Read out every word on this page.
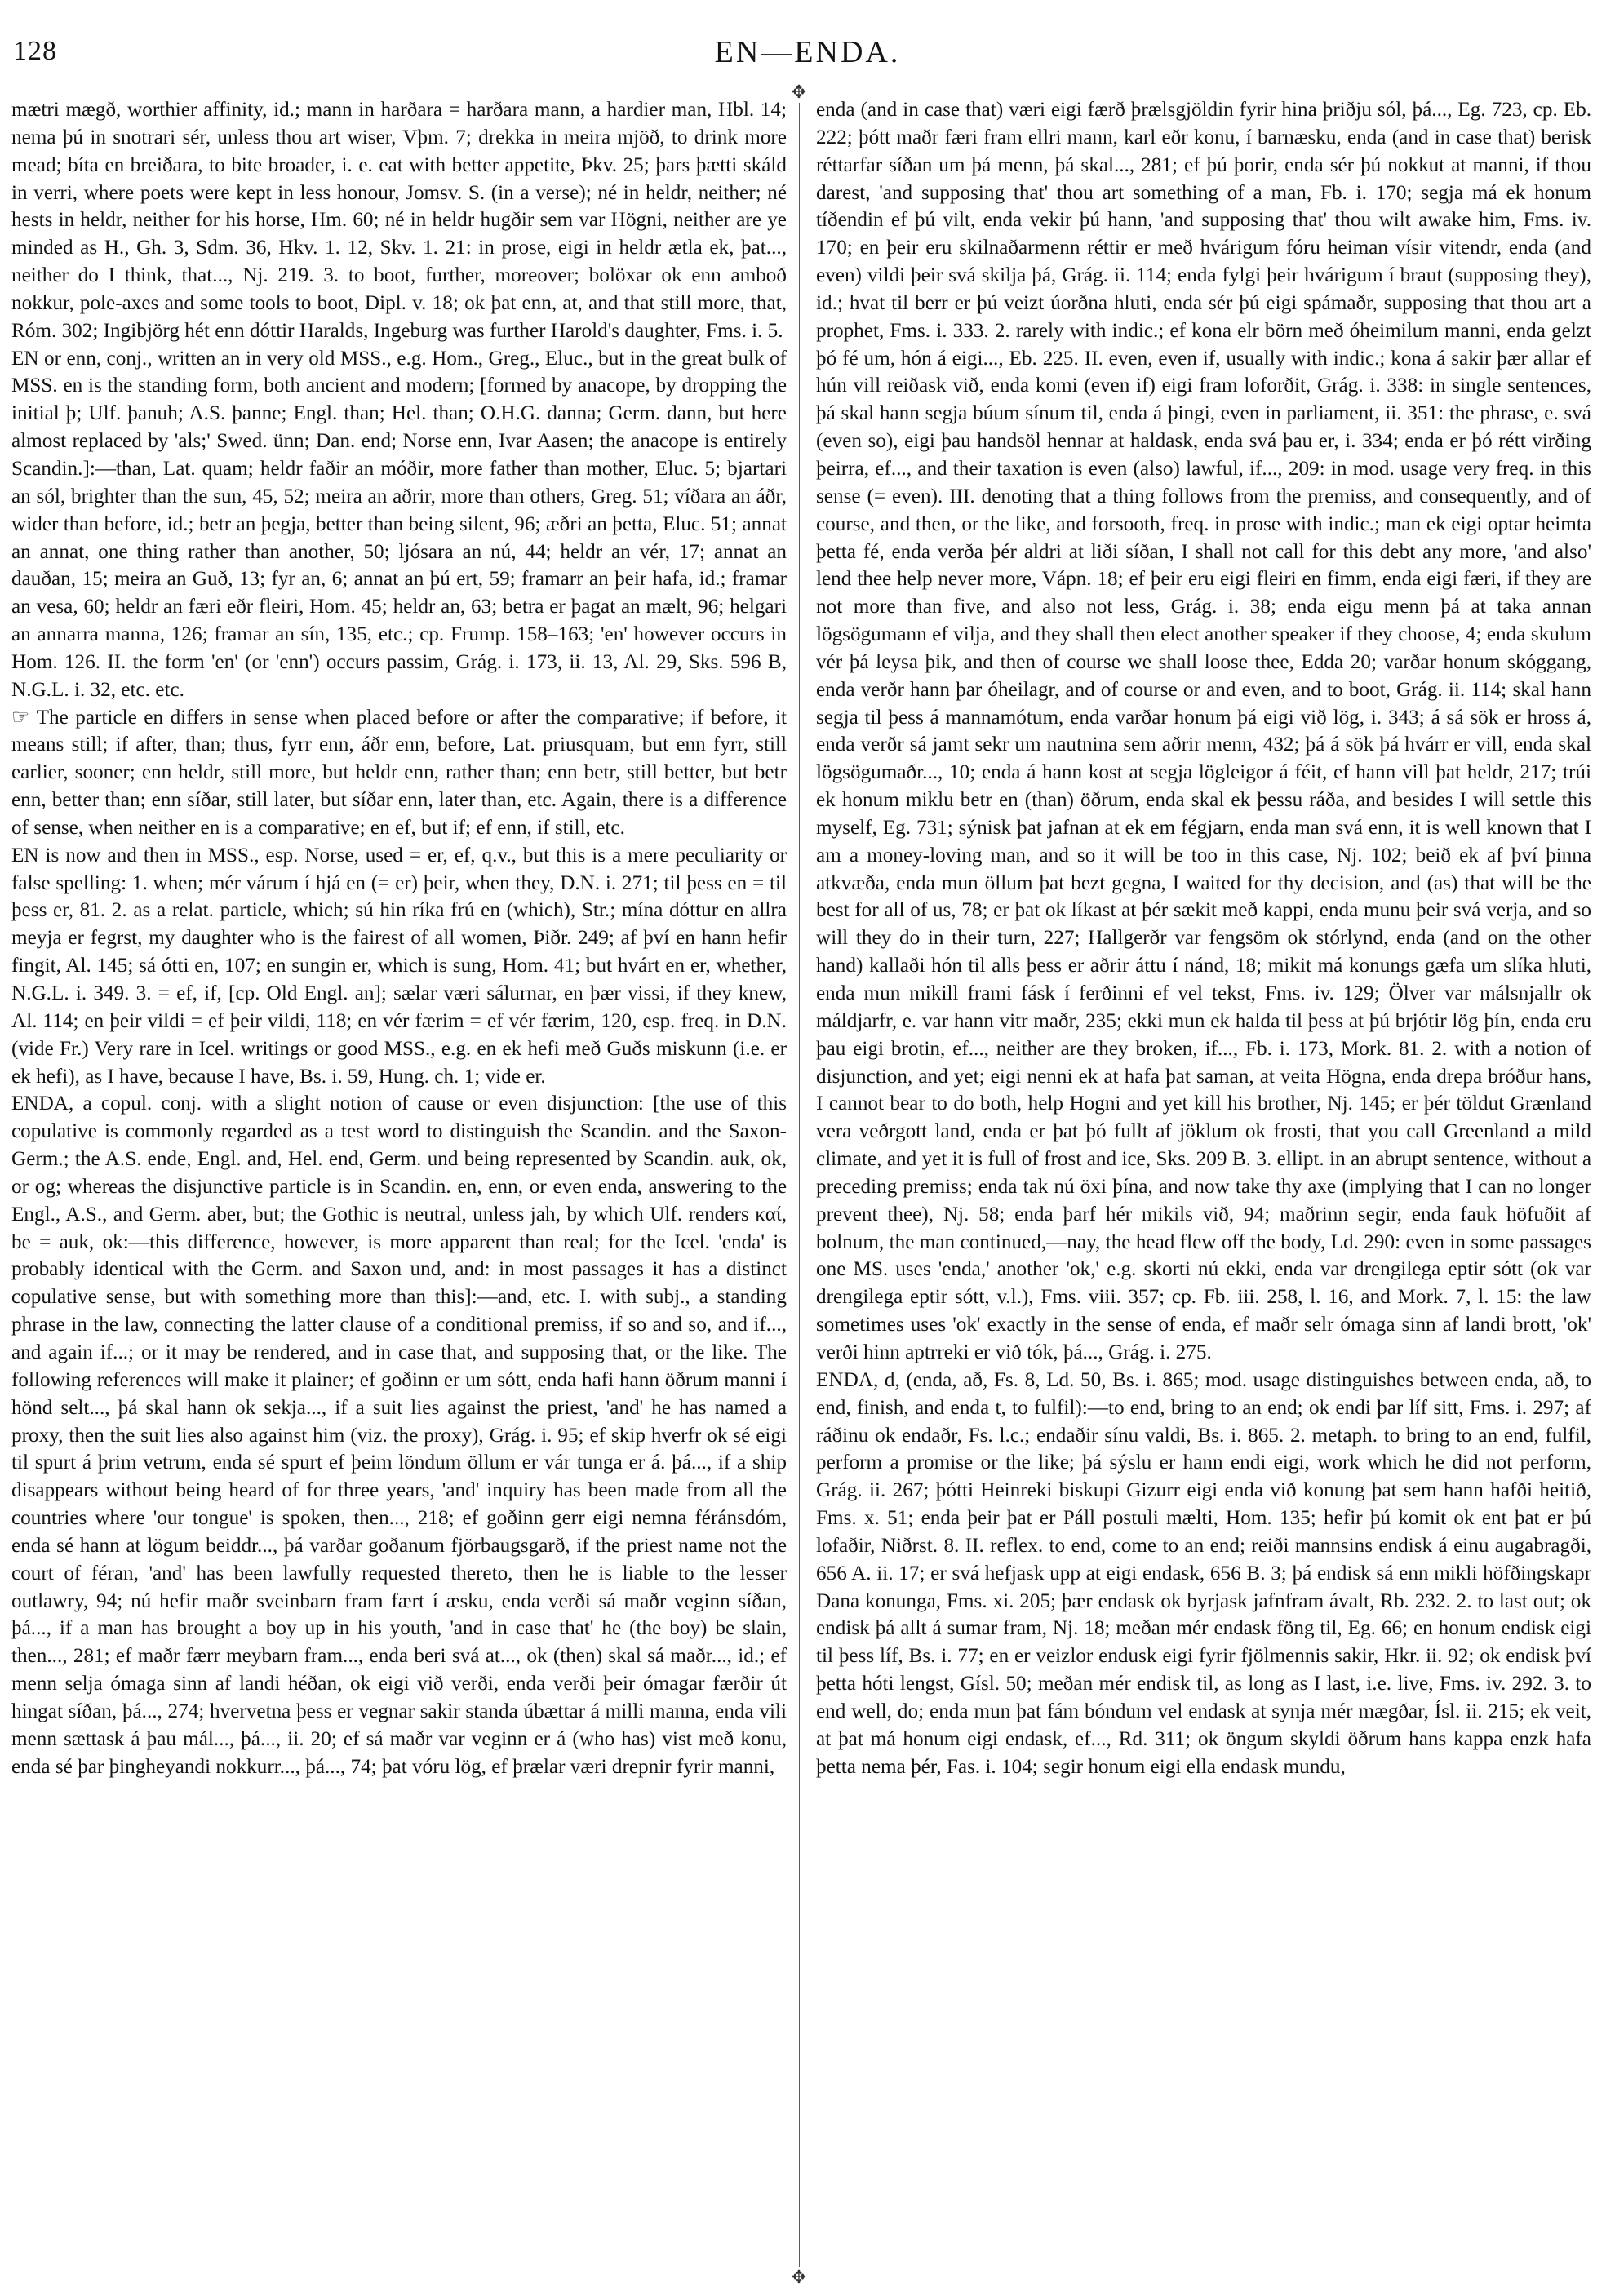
128	EN—ENDA.
✥
✥

mætri mægð, worthier affinity, id.; mann in harðara = harðara mann, a hardier man, Hbl. 14; nema þú in snotrari sér, unless thou art wiser, Vþm. 7; drekka in meira mjöð, to drink more mead; bíta en breiðara, to bite broader, i. e. eat with better appetite, Þkv. 25; þars þætti skáld in verri, where poets were kept in less honour, Jomsv. S. (in a verse); né in heldr, neither; né hests in heldr, neither for his horse, Hm. 60; né in heldr hugðir sem var Högni, neither are ye minded as H., Gh. 3, Sdm. 36, Hkv. 1. 12, Skv. 1. 21: in prose, eigi in heldr ætla ek, þat..., neither do I think, that..., Nj. 219. 3. to boot, further, moreover; bolöxar ok enn amboð nokkur, pole-axes and some tools to boot, Dipl. v. 18; ok þat enn, at, and that still more, that, Róm. 302; Ingibjörg hét enn dóttir Haralds, Ingeburg was further Harold's daughter, Fms. i. 5.

EN or enn, conj., written an in very old MSS., e.g. Hom., Greg., Eluc., but in the great bulk of MSS. en is the standing form, both ancient and modern; [formed by anacope, by dropping the initial þ; Ulf. þanuh; A.S. þanne; Engl. than; Hel. than; O.H.G. danna; Germ. dann, but here almost replaced by 'als;' Swed. ünn; Dan. end; Norse enn, Ivar Aasen; the anacope is entirely Scandin.]:—than, Lat. quam; heldr faðir an móðir, more father than mother, Eluc. 5; bjartari an sól, brighter than the sun, 45, 52; meira an aðrir, more than others, Greg. 51; víðara an áðr, wider than before, id.; betr an þegja, better than being silent, 96; æðri an þetta, Eluc. 51; annat an annat, one thing rather than another, 50; ljósara an nú, 44; heldr an vér, 17; annat an dauðan, 15; meira an Guð, 13; fyr an, 6; annat an þú ert, 59; framarr an þeir hafa, id.; framar an vesa, 60; heldr an færi eðr fleiri, Hom. 45; heldr an, 63; betra er þagat an mælt, 96; helgari an annarra manna, 126; framar an sín, 135, etc.; cp. Frump. 158–163; 'en' however occurs in Hom. 126. II. the form 'en' (or 'enn') occurs passim, Grág. i. 173, ii. 13, Al. 29, Sks. 596 B, N.G.L. i. 32, etc. etc.

☞ The particle en differs in sense when placed before or after the comparative; if before, it means still; if after, than; thus, fyrr enn, áðr enn, before, Lat. priusquam, but enn fyrr, still earlier, sooner; enn heldr, still more, but heldr enn, rather than; enn betr, still better, but betr enn, better than; enn síðar, still later, but síðar enn, later than, etc. Again, there is a difference of sense, when neither en is a comparative; en ef, but if; ef enn, if still, etc.

EN is now and then in MSS., esp. Norse, used = er, ef, q.v., but this is a mere peculiarity or false spelling: 1. when; mér várum í hjá en (= er) þeir, when they, D.N. i. 271; til þess en = til þess er, 81. 2. as a relat. particle, which; sú hin ríka frú en (which), Str.; mína dóttur en allra meyja er fegrst, my daughter who is the fairest of all women, Þiðr. 249; af því en hann hefir fingit, Al. 145; sá ótti en, 107; en sungin er, which is sung, Hom. 41; but hvárt en er, whether, N.G.L. i. 349. 3. = ef, if, [cp. Old Engl. an]; sælar væri sálurnar, en þær vissi, if they knew, Al. 114; en þeir vildi = ef þeir vildi, 118; en vér færim = ef vér færim, 120, esp. freq. in D.N. (vide Fr.) Very rare in Icel. writings or good MSS., e.g. en ek hefi með Guðs miskunn (i.e. er ek hefi), as I have, because I have, Bs. i. 59, Hung. ch. 1; vide er.

ENDA, a copul. conj. with a slight notion of cause or even disjunction: [the use of this copulative is commonly regarded as a test word to distinguish the Scandin. and the Saxon-Germ.; the A.S. ende, Engl. and, Hel. end, Germ. und being represented by Scandin. auk, ok, or og; whereas the disjunctive particle is in Scandin. en, enn, or even enda, answering to the Engl., A.S., and Germ. aber, but; the Gothic is neutral, unless jah, by which Ulf. renders καί, be = auk, ok:—this difference, however, is more apparent than real; for the Icel. 'enda' is probably identical with the Germ. and Saxon und, and: in most passages it has a distinct copulative sense, but with something more than this]:—and, etc. I. with subj., a standing phrase in the law, connecting the latter clause of a conditional premiss, if so and so, and if..., and again if...; or it may be rendered, and in case that, and supposing that, or the like. The following references will make it plainer; ef goðinn er um sótt, enda hafi hann öðrum manni í hönd selt..., þá skal hann ok sekja..., if a suit lies against the priest, 'and' he has named a proxy, then the suit lies also against him (viz. the proxy), Grág. i. 95; ef skip hverfr ok sé eigi til spurt á þrim vetrum, enda sé spurt ef þeim löndum öllum er vár tunga er á. þá..., if a ship disappears without being heard of for three years, 'and' inquiry has been made from all the countries where 'our tongue' is spoken, then..., 218; ef goðinn gerr eigi nemna féránsdóm, enda sé hann at lögum beiddr..., þá varðar goðanum fjörbaugsgarð, if the priest name not the court of féran, 'and' has been lawfully requested thereto, then he is liable to the lesser outlawry, 94; nú hefir maðr sveinbarn fram fært í æsku, enda verði sá maðr veginn síðan, þá..., if a man has brought a boy up in his youth, 'and in case that' he (the boy) be slain, then..., 281; ef maðr færr meybarn fram..., enda beri svá at..., ok (then) skal sá maðr..., id.; ef menn selja ómaga sinn af landi héðan, ok eigi við verði, enda verði þeir ómagar færðir út hingat síðan, þá..., 274; hvervetna þess er vegnar sakir standa úbættar á milli manna, enda vili menn sættask á þau mál..., þá..., ii. 20; ef sá maðr var veginn er á (who has) vist með konu, enda sé þar þingheyandi nokkurr..., þá..., 74; þat vóru lög, ef þrælar væri drepnir fyrir manni,

enda (and in case that) væri eigi færð þrælsgjöldin fyrir hina þriðju sól, þá..., Eg. 723, cp. Eb. 222; þótt maðr færi fram ellri mann, karl eðr konu, í barnæsku, enda (and in case that) berisk réttarfar síðan um þá menn, þá skal..., 281; ef þú þorir, enda sér þú nokkut at manni, if thou darest, 'and supposing that' thou art something of a man, Fb. i. 170; segja má ek honum tíðendin ef þú vilt, enda vekir þú hann, 'and supposing that' thou wilt awake him, Fms. iv. 170; en þeir eru skilnaðarmenn réttir er með hvárigum fóru heiman vísir vitendr, enda (and even) vildi þeir svá skilja þá, Grág. ii. 114; enda fylgi þeir hvárigum í braut (supposing they), id.; hvat til berr er þú veizt úorðna hluti, enda sér þú eigi spámaðr, supposing that thou art a prophet, Fms. i. 333. 2. rarely with indic.; ef kona elr börn með óheimilum manni, enda gelzt þó fé um, hón á eigi..., Eb. 225. II. even, even if, usually with indic.; kona á sakir þær allar ef hún vill reiðask við, enda komi (even if) eigi fram loforðit, Grág. i. 338: in single sentences, þá skal hann segja búum sínum til, enda á þingi, even in parliament, ii. 351: the phrase, e. svá (even so), eigi þau handsöl hennar at haldask, enda svá þau er, i. 334; enda er þó rétt virðing þeirra, ef..., and their taxation is even (also) lawful, if..., 209: in mod. usage very freq. in this sense (= even). III. denoting that a thing follows from the premiss, and consequently, and of course, and then, or the like, and forsooth, freq. in prose with indic.; man ek eigi optar heimta þetta fé, enda verða þér aldri at liði síðan, I shall not call for this debt any more, 'and also' lend thee help never more, Vápn. 18; ef þeir eru eigi fleiri en fimm, enda eigi færi, if they are not more than five, and also not less, Grág. i. 38; enda eigu menn þá at taka annan lögsögumann ef vilja, and they shall then elect another speaker if they choose, 4; enda skulum vér þá leysa þik, and then of course we shall loose thee, Edda 20; varðar honum skóggang, enda verðr hann þar óheilagr, and of course or and even, and to boot, Grág. ii. 114; skal hann segja til þess á mannamótum, enda varðar honum þá eigi við lög, i. 343; á sá sök er hross á, enda verðr sá jamt sekr um nautnina sem aðrir menn, 432; þá á sök þá hvárr er vill, enda skal lögsögumaðr..., 10; enda á hann kost at segja lögleigor á féit, ef hann vill þat heldr, 217; trúi ek honum miklu betr en (than) öðrum, enda skal ek þessu ráða, and besides I will settle this myself, Eg. 731; sýnisk þat jafnan at ek em fégjarn, enda man svá enn, it is well known that I am a money-loving man, and so it will be too in this case, Nj. 102; beið ek af því þinna atkvæða, enda mun öllum þat bezt gegna, I waited for thy decision, and (as) that will be the best for all of us, 78; er þat ok líkast at þér sækit með kappi, enda munu þeir svá verja, and so will they do in their turn, 227; Hallgerðr var fengsöm ok stórlynd, enda (and on the other hand) kallaði hón til alls þess er aðrir áttu í nánd, 18; mikit má konungs gæfa um slíka hluti, enda mun mikill frami fásk í ferðinni ef vel tekst, Fms. iv. 129; Ölver var málsnjallr ok máldjarfr, e. var hann vitr maðr, 235; ekki mun ek halda til þess at þú brjótir lög þín, enda eru þau eigi brotin, ef..., neither are they broken, if..., Fb. i. 173, Mork. 81. 2. with a notion of disjunction, and yet; eigi nenni ek at hafa þat saman, at veita Högna, enda drepa bróður hans, I cannot bear to do both, help Hogni and yet kill his brother, Nj. 145; er þér töldut Grænland vera veðrgott land, enda er þat þó fullt af jöklum ok frosti, that you call Greenland a mild climate, and yet it is full of frost and ice, Sks. 209 B. 3. ellipt. in an abrupt sentence, without a preceding premiss; enda tak nú öxi þína, and now take thy axe (implying that I can no longer prevent thee), Nj. 58; enda þarf hér mikils við, 94; maðrinn segir, enda fauk höfuðit af bolnum, the man continued,—nay, the head flew off the body, Ld. 290: even in some passages one MS. uses 'enda,' another 'ok,' e.g. skorti nú ekki, enda var drengilega eptir sótt (ok var drengilega eptir sótt, v.l.), Fms. viii. 357; cp. Fb. iii. 258, l. 16, and Mork. 7, l. 15: the law sometimes uses 'ok' exactly in the sense of enda, ef maðr selr ómaga sinn af landi brott, 'ok' verði hinn aptrreki er við tók, þá..., Grág. i. 275.

ENDA, d, (enda, að, Fs. 8, Ld. 50, Bs. i. 865; mod. usage distinguishes between enda, að, to end, finish, and enda t, to fulfil):—to end, bring to an end; ok endi þar líf sitt, Fms. i. 297; af ráðinu ok endaðr, Fs. l.c.; endaðir sínu valdi, Bs. i. 865. 2. metaph. to bring to an end, fulfil, perform a promise or the like; þá sýslu er hann endi eigi, work which he did not perform, Grág. ii. 267; þótti Heinreki biskupi Gizurr eigi enda við konung þat sem hann hafði heitið, Fms. x. 51; enda þeir þat er Páll postuli mælti, Hom. 135; hefir þú komit ok ent þat er þú lofaðir, Niðrst. 8. II. reflex. to end, come to an end; reiði mannsins endisk á einu augabragði, 656 A. ii. 17; er svá hefjask upp at eigi endask, 656 B. 3; þá endisk sá enn mikli höfðingskapr Dana konunga, Fms. xi. 205; þær endask ok byrjask jafnfram ávalt, Rb. 232. 2. to last out; ok endisk þá allt á sumar fram, Nj. 18; meðan mér endask föng til, Eg. 66; en honum endisk eigi til þess líf, Bs. i. 77; en er veizlor endusk eigi fyrir fjölmennis sakir, Hkr. ii. 92; ok endisk því þetta hóti lengst, Gísl. 50; meðan mér endisk til, as long as I last, i.e. live, Fms. iv. 292. 3. to end well, do; enda mun þat fám bóndum vel endask at synja mér mægðar, Ísl. ii. 215; ek veit, at þat má honum eigi endask, ef..., Rd. 311; ok öngum skyldi öðrum hans kappa enzk hafa þetta nema þér, Fas. i. 104; segir honum eigi ella endask mundu,
